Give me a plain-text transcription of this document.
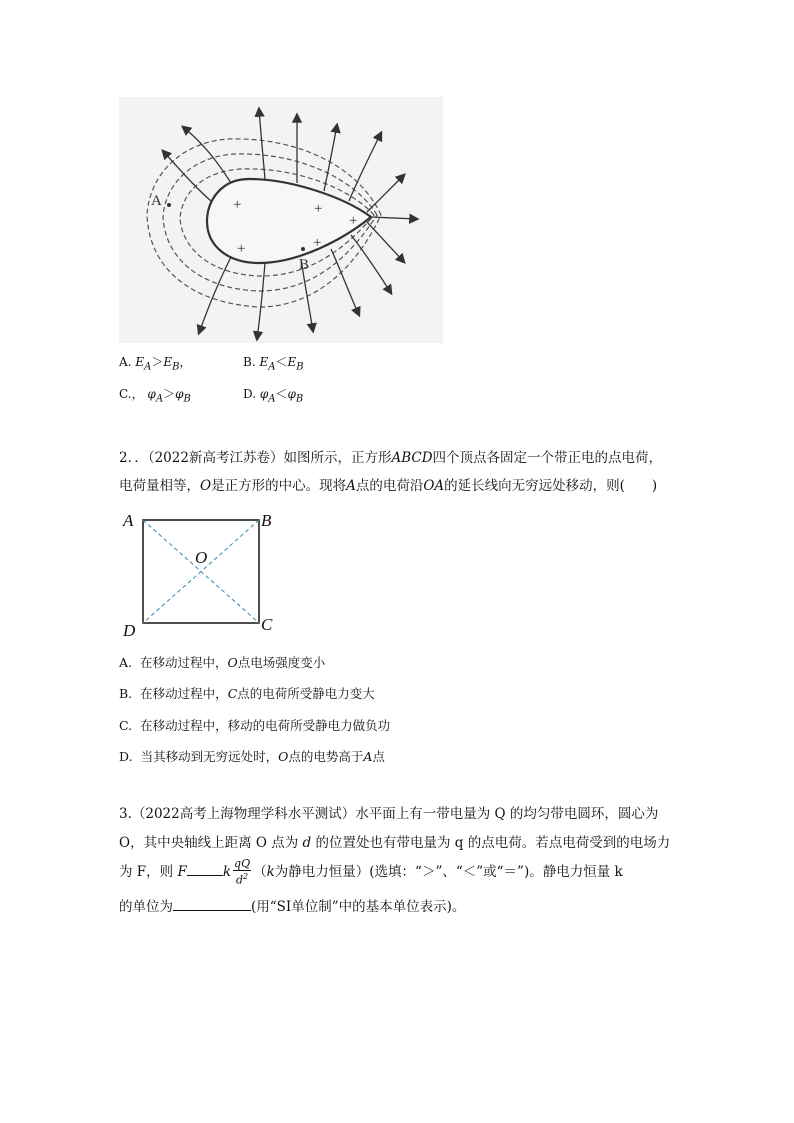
A
B
+	+
+
+
+
A. $E_A>E_B$，	B. $E_A<E_B$
C.， $\varphi_A>\varphi_B$	D. $\varphi_A<\varphi_B$
2．．（2022新高考江苏卷）如图所示，正方形ABCD四个顶点各固定一个带正电的点电荷，
电荷量相等，O是正方形的中心。现将A点的电荷沿OA的延长线向无穷远处移动，则(　　)
A	B
C
D
O
A. 在移动过程中，O点电场强度变小
B. 在移动过程中，C点的电荷所受静电力变大
C. 在移动过程中，移动的电荷所受静电力做负功
D. 当其移动到无穷远处时，O点的电势高于A点
3.（2022高考上海物理学科水平测试）水平面上有一带电量为 Q 的均匀带电圆环，圆心为
O，其中央轴线上距离 O 点为 d 的位置处也有带电量为 q 的点电荷。若点电荷受到的电场力
为 F，则 F	k $\frac{qQ}{d^2} (k$为静电力恒量）(选填：“＞”、“＜”或“＝”)。静电力恒量 k
的单位为	(用“SI单位制”中的基本单位表示)。
